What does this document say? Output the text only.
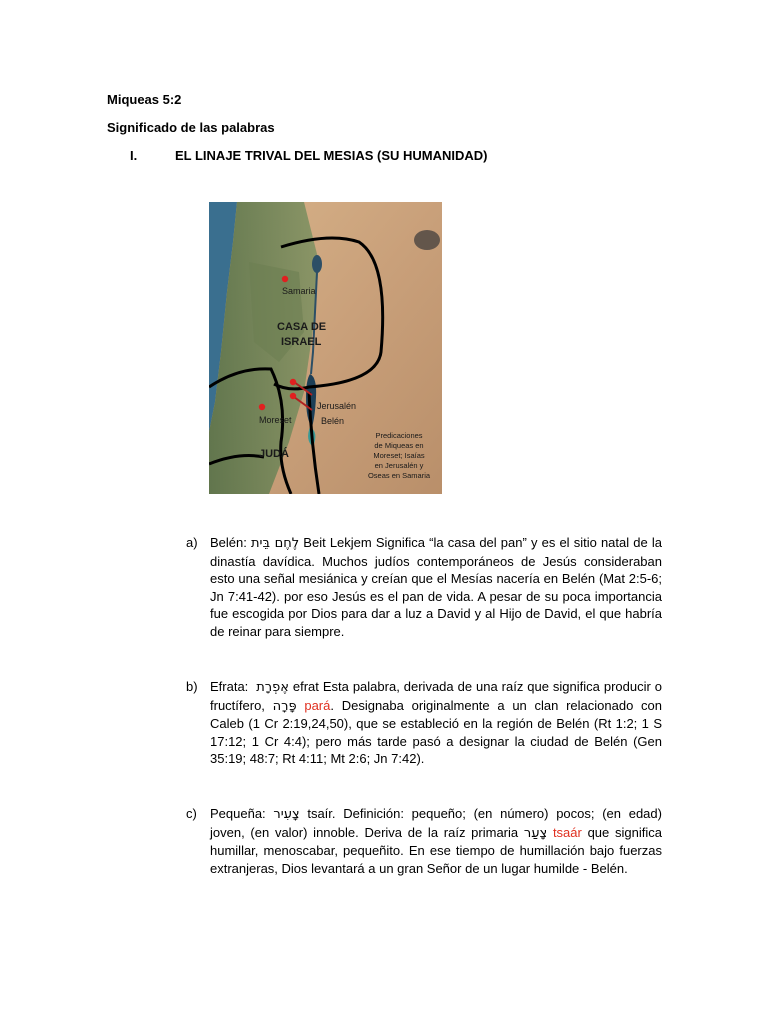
Miqueas 5:2
Significado de las palabras
I.	EL LINAJE TRIVAL DEL MESIAS (SU HUMANIDAD)
Samaria
CASA DE
ISRAEL
Jerusalén
Belén
Moreset
JUDÁ
Predicaciones
de Miqueas en
Moreset; Isaías
en Jerusalén y
Oseas en Samaria
a) Belén: לֶחֶם בֵּית Beit Lekjem Significa “la casa del pan” y es el sitio natal de la dinastía davídica. Muchos judíos contemporáneos de Jesús consideraban esto una señal mesiánica y creían que el Mesías nacería en Belén (Mat 2:5-6; Jn 7:41-42). por eso Jesús es el pan de vida. A pesar de su poca importancia fue escogida por Dios para dar a luz a David y al Hijo de David, el que habría de reinar para siempre.
b) Efrata: אֶפְרָת efrat Esta palabra, derivada de una raíz que significa producir o fructífero, פָּרָה pará. Designaba originalmente a un clan relacionado con Caleb (1 Cr 2:19,24,50), que se estableció en la región de Belén (Rt 1:2; 1 S 17:12; 1 Cr 4:4); pero más tarde pasó a designar la ciudad de Belén (Gen 35:19; 48:7; Rt 4:11; Mt 2:6; Jn 7:42).
c) Pequeña: צָעִיר tsaír. Definición: pequeño; (en número) pocos; (en edad) joven, (en valor) innoble. Deriva de la raíz primaria צָעַר tsaár que significa humillar, menoscabar, pequeñito. En ese tiempo de humillación bajo fuerzas extranjeras, Dios levantará a un gran Señor de un lugar humilde - Belén.
